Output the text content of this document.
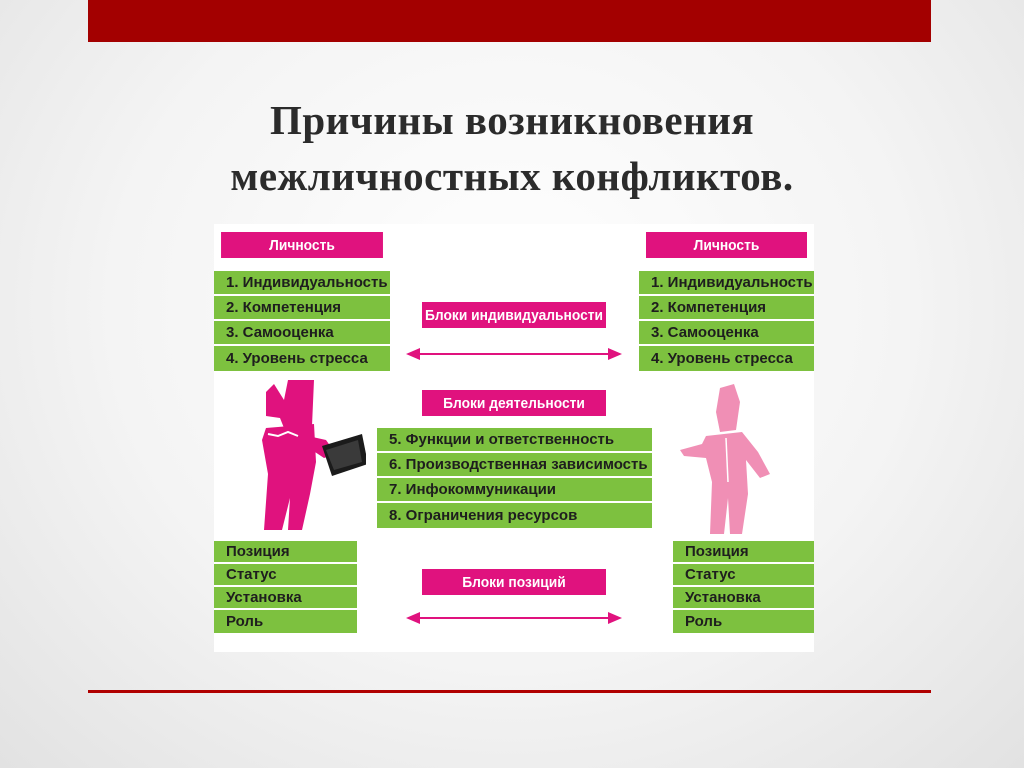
Причины возникновения
межличностных конфликтов.
Личность
1. Индивидуальность
2. Компетенция
3. Самооценка
4. Уровень стресса
Позиция
Статус
Установка
Роль
Блоки индивидуальности
Блоки деятельности
5. Функции и ответственность
6. Производственная зависимость
7. Инфокоммуникации
8. Ограничения ресурсов
Блоки позиций
Личность
1. Индивидуальность
2. Компетенция
3. Самооценка
4. Уровень стресса
Позиция
Статус
Установка
Роль
